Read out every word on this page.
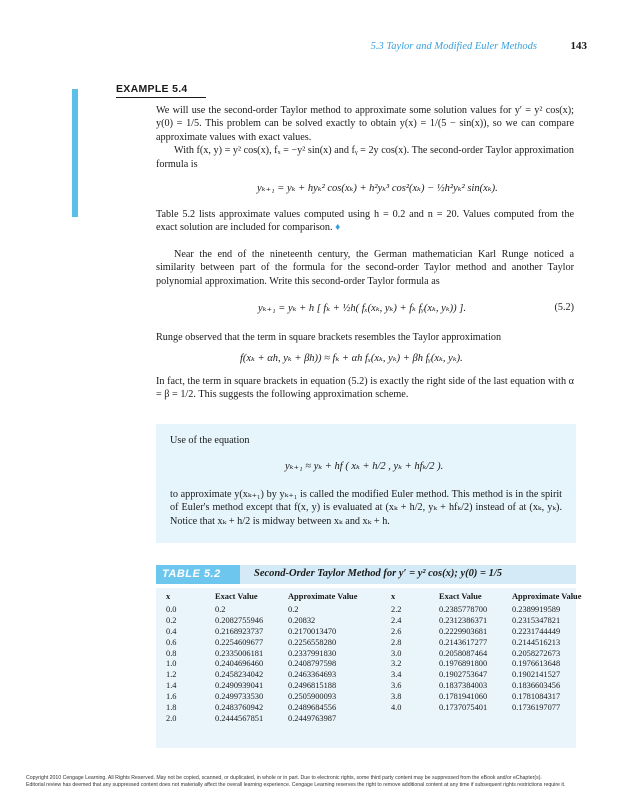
5.3 Taylor and Modified Euler Methods	143
EXAMPLE 5.4

We will use the second-order Taylor method to approximate some solution values for y′ = y² cos(x); y(0) = 1/5. This problem can be solved exactly to obtain y(x) = 1/(5 − sin(x)), so we can compare approximate values with exact values.

With f(x, y) = y² cos(x), fₓ = −y² sin(x) and fᵧ = 2y cos(x). The second-order Taylor approximation formula is

yₖ₊₁ = yₖ + hyₖ² cos(xₖ) + h²yₖ³ cos²(xₖ) − ½h²yₖ² sin(xₖ).

Table 5.2 lists approximate values computed using h = 0.2 and n = 20. Values computed from the exact solution are included for comparison. ♦

Near the end of the nineteenth century, the German mathematician Karl Runge noticed a similarity between part of the formula for the second-order Taylor method and another Taylor polynomial approximation. Write this second-order Taylor formula as

yₖ₊₁ = yₖ + h [ fₖ + ½h( fₓ(xₖ, yₖ) + fₖ fᵧ(xₖ, yₖ)) ].	(5.2)

Runge observed that the term in square brackets resembles the Taylor approximation

f(xₖ + αh, yₖ + βh)) ≈ fₖ + αh fₓ(xₖ, yₖ) + βh fᵧ(xₖ, yₖ).

In fact, the term in square brackets in equation (5.2) is exactly the right side of the last equation with α = β = 1/2. This suggests the following approximation scheme.

Use of the equation
yₖ₊₁ ≈ yₖ + hf ( xₖ + h/2 , yₖ + hfₖ/2 ).
to approximate y(xₖ₊₁) by yₖ₊₁ is called the modified Euler method. This method is in the spirit of Euler's method except that f(x, y) is evaluated at (xₖ + h/2, yₖ + hfₖ/2) instead of at (xₖ, yₖ). Notice that xₖ + h/2 is midway between xₖ and xₖ + h.
TABLE 5.2	Second-Order Taylor Method for y′ = y² cos(x); y(0) = 1/5
x	Exact Value	Approximate Value	x	Exact Value	Approximate Value
0.0	0.2	0.2	2.2	0.2385778700	0.2389919589
0.2	0.2082755946	0.20832	2.4	0.2312386371	0.2315347821
0.4	0.2168923737	0.2170013470	2.6	0.2229903681	0.2231744449
0.6	0.2254609677	0.2256558280	2.8	0.2143617277	0.2144516213
0.8	0.2335006181	0.2337991830	3.0	0.2058087464	0.2058272673
1.0	0.2404696460	0.2408797598	3.2	0.1976891800	0.1976613648
1.2	0.2458234042	0.2463364693	3.4	0.1902753647	0.1902141527
1.4	0.2490939041	0.2496815188	3.6	0.1837384003	0.1836603456
1.6	0.2499733530	0.2505900093	3.8	0.1781941060	0.1781084317
1.8	0.2483760942	0.2489684556	4.0	0.1737075401	0.1736197077
2.0	0.2444567851	0.2449763987			
Copyright 2010 Cengage Learning. All Rights Reserved. May not be copied, scanned, or duplicated, in whole or in part. Due to electronic rights, some third party content may be suppressed from the eBook and/or eChapter(s).
Editorial review has deemed that any suppressed content does not materially affect the overall learning experience. Cengage Learning reserves the right to remove additional content at any time if subsequent rights restrictions require it.
